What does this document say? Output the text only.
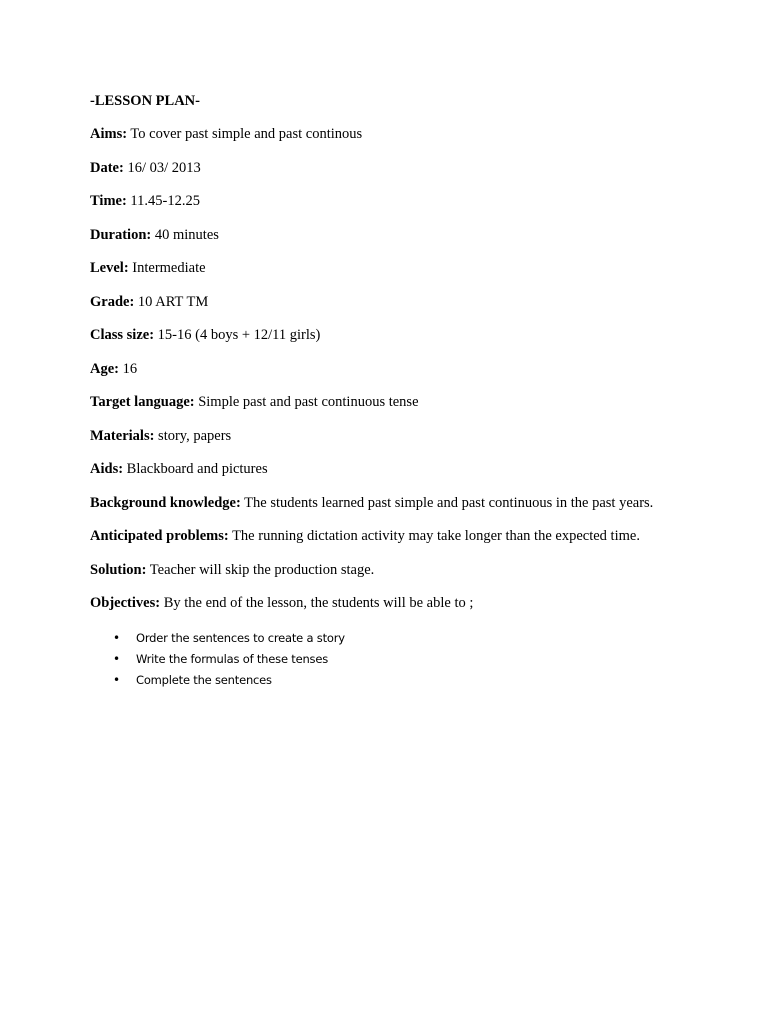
-LESSON PLAN-
Aims: To cover past simple and past continous
Date: 16/ 03/ 2013
Time: 11.45-12.25
Duration: 40 minutes
Level: Intermediate
Grade: 10 ART TM
Class size: 15-16 (4 boys + 12/11 girls)
Age: 16
Target language: Simple past and past continuous tense
Materials: story, papers
Aids: Blackboard and pictures
Background knowledge: The students learned past simple and past continuous in the past years.
Anticipated problems: The running dictation activity may take longer than the expected time.
Solution: Teacher will skip the production stage.
Objectives: By the end of the lesson, the students will be able to ;
• Order the sentences to create a story
• Write the formulas of these tenses
• Complete the sentences
